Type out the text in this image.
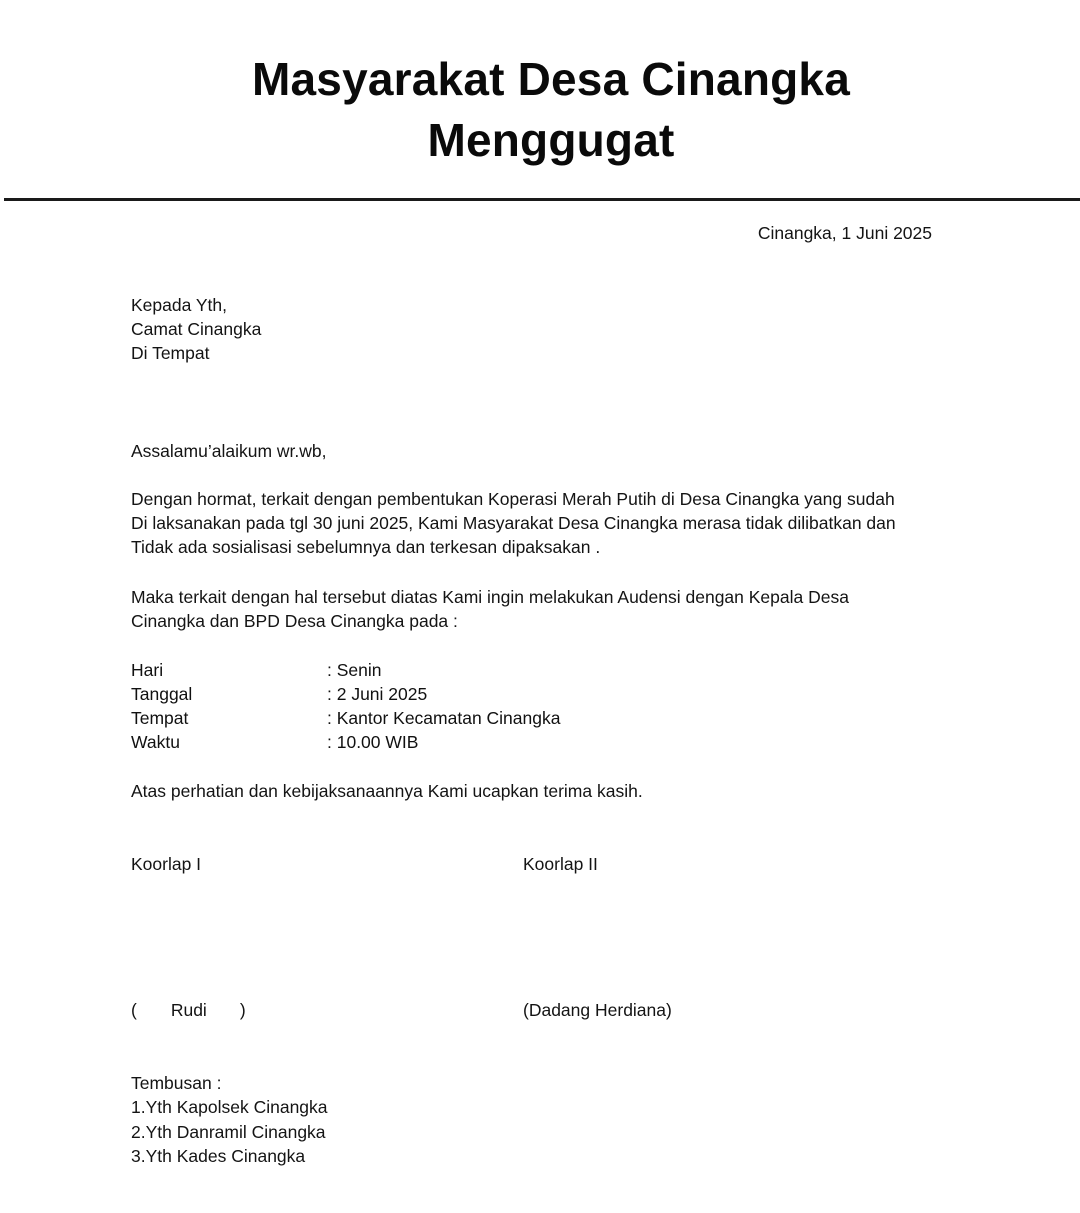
Masyarakat Desa Cinangka
Menggugat
Cinangka, 1 Juni 2025
Kepada Yth,
Camat Cinangka
Di Tempat
Assalamu’alaikum wr.wb,
Dengan hormat, terkait dengan pembentukan Koperasi Merah Putih di Desa Cinangka yang sudah
Di laksanakan pada tgl 30 juni 2025, Kami Masyarakat Desa Cinangka merasa tidak dilibatkan dan
Tidak ada sosialisasi sebelumnya dan terkesan dipaksakan .
Maka terkait dengan hal tersebut diatas Kami ingin melakukan Audensi dengan Kepala Desa
Cinangka dan BPD Desa Cinangka pada :
Hari	: Senin
Tanggal	: 2 Juni 2025
Tempat	: Kantor Kecamatan Cinangka
Waktu	: 10.00 WIB
Atas perhatian dan kebijaksanaannya Kami ucapkan terima kasih.
Koorlap I	Koorlap II
( Rudi )	(Dadang Herdiana)
Tembusan :
1.Yth Kapolsek Cinangka
2.Yth Danramil Cinangka
3.Yth Kades Cinangka
